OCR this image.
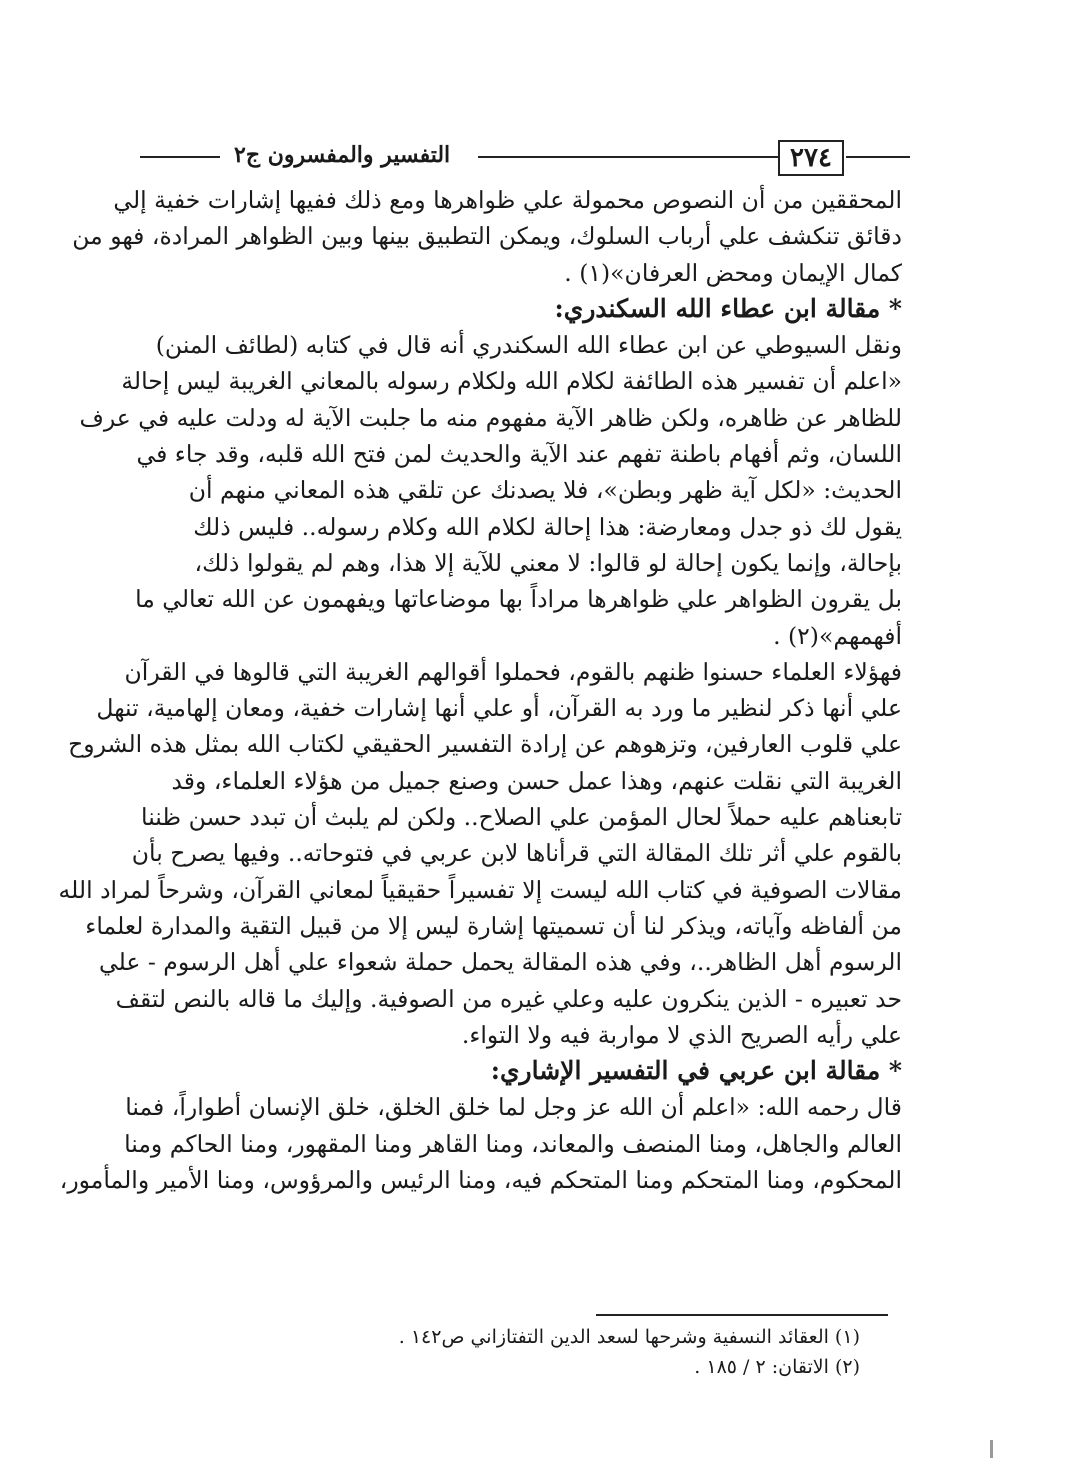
٢٧٤
التفسير والمفسرون ج٢
المحققين من أن النصوص محمولة علي ظواهرها ومع ذلك ففيها إشارات خفية إلي
دقائق تنكشف علي أرباب السلوك، ويمكن التطبيق بينها وبين الظواهر المرادة، فهو من
كمال الإيمان ومحض العرفان»(١) .
* مقالة ابن عطاء الله السكندري:
ونقل السيوطي عن ابن عطاء الله السكندري أنه قال في كتابه (لطائف المنن)
«اعلم أن تفسير هذه الطائفة لكلام الله ولكلام رسوله بالمعاني الغريبة ليس إحالة
للظاهر عن ظاهره، ولكن ظاهر الآية مفهوم منه ما جلبت الآية له ودلت عليه في عرف
اللسان، وثم أفهام باطنة تفهم عند الآية والحديث لمن فتح الله قلبه، وقد جاء في
الحديث: «لكل آية ظهر وبطن»، فلا يصدنك عن تلقي هذه المعاني منهم أن
يقول لك ذو جدل ومعارضة: هذا إحالة لكلام الله وكلام رسوله.. فليس ذلك
بإحالة، وإنما يكون إحالة لو قالوا: لا معني للآية إلا هذا، وهم لم يقولوا ذلك،
بل يقرون الظواهر علي ظواهرها مراداً بها موضاعاتها ويفهمون عن الله تعالي ما
أفهمهم»(٢) .
فهؤلاء العلماء حسنوا ظنهم بالقوم، فحملوا أقوالهم الغريبة التي قالوها في القرآن
علي أنها ذكر لنظير ما ورد به القرآن، أو علي أنها إشارات خفية، ومعان إلهامية، تنهل
علي قلوب العارفين، وتزهوهم عن إرادة التفسير الحقيقي لكتاب الله بمثل هذه الشروح
الغريبة التي نقلت عنهم، وهذا عمل حسن وصنع جميل من هؤلاء العلماء، وقد
تابعناهم عليه حملاً لحال المؤمن علي الصلاح.. ولكن لم يلبث أن تبدد حسن ظننا
بالقوم علي أثر تلك المقالة التي قرأناها لابن عربي في فتوحاته.. وفيها يصرح بأن
مقالات الصوفية في كتاب الله ليست إلا تفسيراً حقيقياً لمعاني القرآن، وشرحاً لمراد الله
من ألفاظه وآياته، ويذكر لنا أن تسميتها إشارة ليس إلا من قبيل التقية والمدارة لعلماء
الرسوم أهل الظاهر..، وفي هذه المقالة يحمل حملة شعواء علي أهل الرسوم - علي
حد تعبيره - الذين ينكرون عليه وعلي غيره من الصوفية. وإليك ما قاله بالنص لتقف
علي رأيه الصريح الذي لا مواربة فيه ولا التواء.
* مقالة ابن عربي في التفسير الإشاري:
قال رحمه الله: «اعلم أن الله عز وجل لما خلق الخلق، خلق الإنسان أطواراً، فمنا
العالم والجاهل، ومنا المنصف والمعاند، ومنا القاهر ومنا المقهور، ومنا الحاكم ومنا
المحكوم، ومنا المتحكم ومنا المتحكم فيه، ومنا الرئيس والمرؤوس، ومنا الأمير والمأمور،
(١) العقائد النسفية وشرحها لسعد الدين التفتازاني ص١٤٢ .
(٢) الاتقان: ٢ / ١٨٥ .
